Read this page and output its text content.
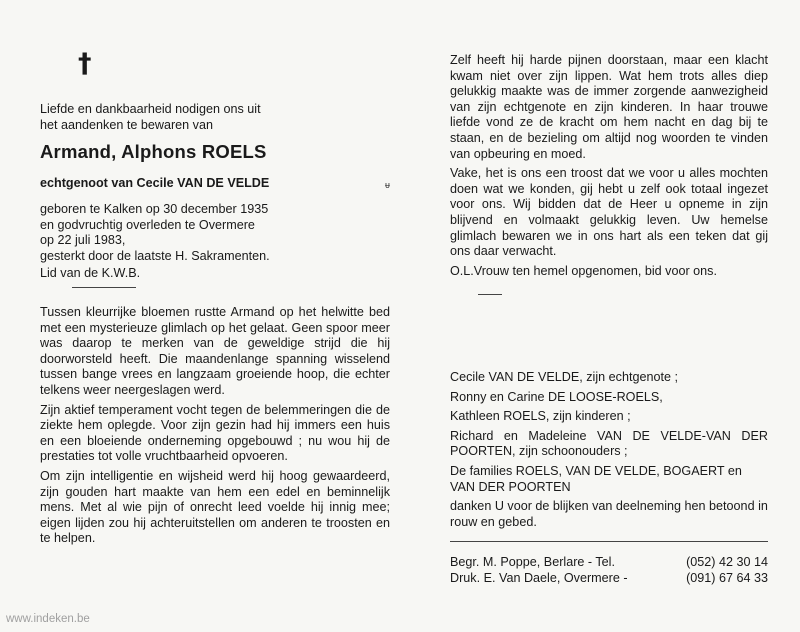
www.indeken.be
ᵾ
†
Liefde en dankbaarheid nodigen ons uit
het aandenken te bewaren van
Armand, Alphons ROELS
echtgenoot van Cecile VAN DE VELDE
geboren te Kalken op 30 december 1935
en godvruchtig overleden te Overmere
op 22 juli 1983,
gesterkt door de laatste H. Sakramenten.
Lid van de K.W.B.
Tussen kleurrijke bloemen rustte Armand op het helwitte bed met een mysterieuze glimlach op het gelaat. Geen spoor meer was daarop te merken van de geweldige strijd die hij doorworsteld heeft. Die maandenlange spanning wisselend tussen bange vrees en langzaam groeiende hoop, die echter telkens weer neergeslagen werd.
Zijn aktief temperament vocht tegen de belemmeringen die de ziekte hem oplegde. Voor zijn gezin had hij immers een huis en een bloeiende onderneming opgebouwd ; nu wou hij de prestaties tot volle vruchtbaarheid opvoeren.
Om zijn intelligentie en wijsheid werd hij hoog gewaardeerd, zijn gouden hart maakte van hem een edel en beminnelijk mens. Met al wie pijn of onrecht leed voelde hij innig mee; eigen lijden zou hij achteruitstellen om anderen te troosten en te helpen.
Zelf heeft hij harde pijnen doorstaan, maar een klacht kwam niet over zijn lippen. Wat hem trots alles diep gelukkig maakte was de immer zorgende aanwezigheid van zijn echtgenote en zijn kinderen. In haar trouwe liefde vond ze de kracht om hem nacht en dag bij te staan, en de bezieling om altijd nog woorden te vinden van opbeuring en moed.
Vake, het is ons een troost dat we voor u alles mochten doen wat we konden, gij hebt u zelf ook totaal ingezet voor ons. Wij bidden dat de Heer u opneme in zijn blijvend en volmaakt gelukkig leven. Uw hemelse glimlach bewaren we in ons hart als een teken dat gij ons daar verwacht.
O.L.Vrouw ten hemel opgenomen, bid voor ons.
Cecile VAN DE VELDE, zijn echtgenote ;
Ronny en Carine DE LOOSE-ROELS,
Kathleen ROELS, zijn kinderen ;
Richard en Madeleine VAN DE VELDE-VAN DER POORTEN, zijn schoonouders ;
De families ROELS, VAN DE VELDE, BOGAERT en VAN DER POORTEN
danken U voor de blijken van deelneming hen betoond in rouw en gebed.
Begr. M. Poppe, Berlare - Tel.	(052) 42 30 14
Druk. E. Van Daele, Overmere -	(091) 67 64 33
